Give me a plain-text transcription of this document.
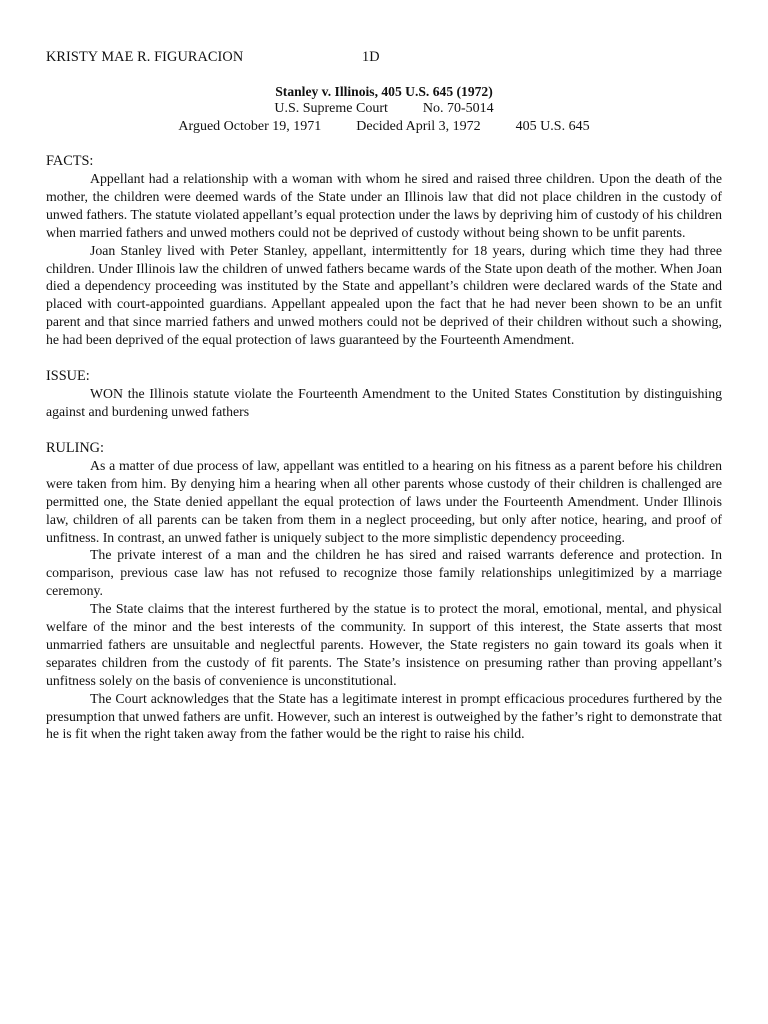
KRISTY MAE R. FIGURACION	1D
Stanley v. Illinois, 405 U.S. 645 (1972)
U.S. Supreme Court          No. 70-5014
Argued October 19, 1971          Decided April 3, 1972          405 U.S. 645
FACTS:

Appellant had a relationship with a woman with whom he sired and raised three children. Upon the death of the mother, the children were deemed wards of the State under an Illinois law that did not place children in the custody of unwed fathers. The statute violated appellant’s equal protection under the laws by depriving him of custody of his children when married fathers and unwed mothers could not be deprived of custody without being shown to be unfit parents.

Joan Stanley lived with Peter Stanley, appellant, intermittently for 18 years, during which time they had three children. Under Illinois law the children of unwed fathers became wards of the State upon death of the mother. When Joan died a dependency proceeding was instituted by the State and appellant’s children were declared wards of the State and placed with court-appointed guardians. Appellant appealed upon the fact that he had never been shown to be an unfit parent and that since married fathers and unwed mothers could not be deprived of their children without such a showing, he had been deprived of the equal protection of laws guaranteed by the Fourteenth Amendment.

ISSUE:

WON the Illinois statute violate the Fourteenth Amendment to the United States Constitution by distinguishing against and burdening unwed fathers

RULING:

As a matter of due process of law, appellant was entitled to a hearing on his fitness as a parent before his children were taken from him. By denying him a hearing when all other parents whose custody of their children is challenged are permitted one, the State denied appellant the equal protection of laws under the Fourteenth Amendment. Under Illinois law, children of all parents can be taken from them in a neglect proceeding, but only after notice, hearing, and proof of unfitness. In contrast, an unwed father is uniquely subject to the more simplistic dependency proceeding.

The private interest of a man and the children he has sired and raised warrants deference and protection. In comparison, previous case law has not refused to recognize those family relationships unlegitimized by a marriage ceremony.

The State claims that the interest furthered by the statue is to protect the moral, emotional, mental, and physical welfare of the minor and the best interests of the community. In support of this interest, the State asserts that most unmarried fathers are unsuitable and neglectful parents. However, the State registers no gain toward its goals when it separates children from the custody of fit parents. The State’s insistence on presuming rather than proving appellant’s unfitness solely on the basis of convenience is unconstitutional.

The Court acknowledges that the State has a legitimate interest in prompt efficacious procedures furthered by the presumption that unwed fathers are unfit. However, such an interest is outweighed by the father’s right to demonstrate that he is fit when the right taken away from the father would be the right to raise his child.
